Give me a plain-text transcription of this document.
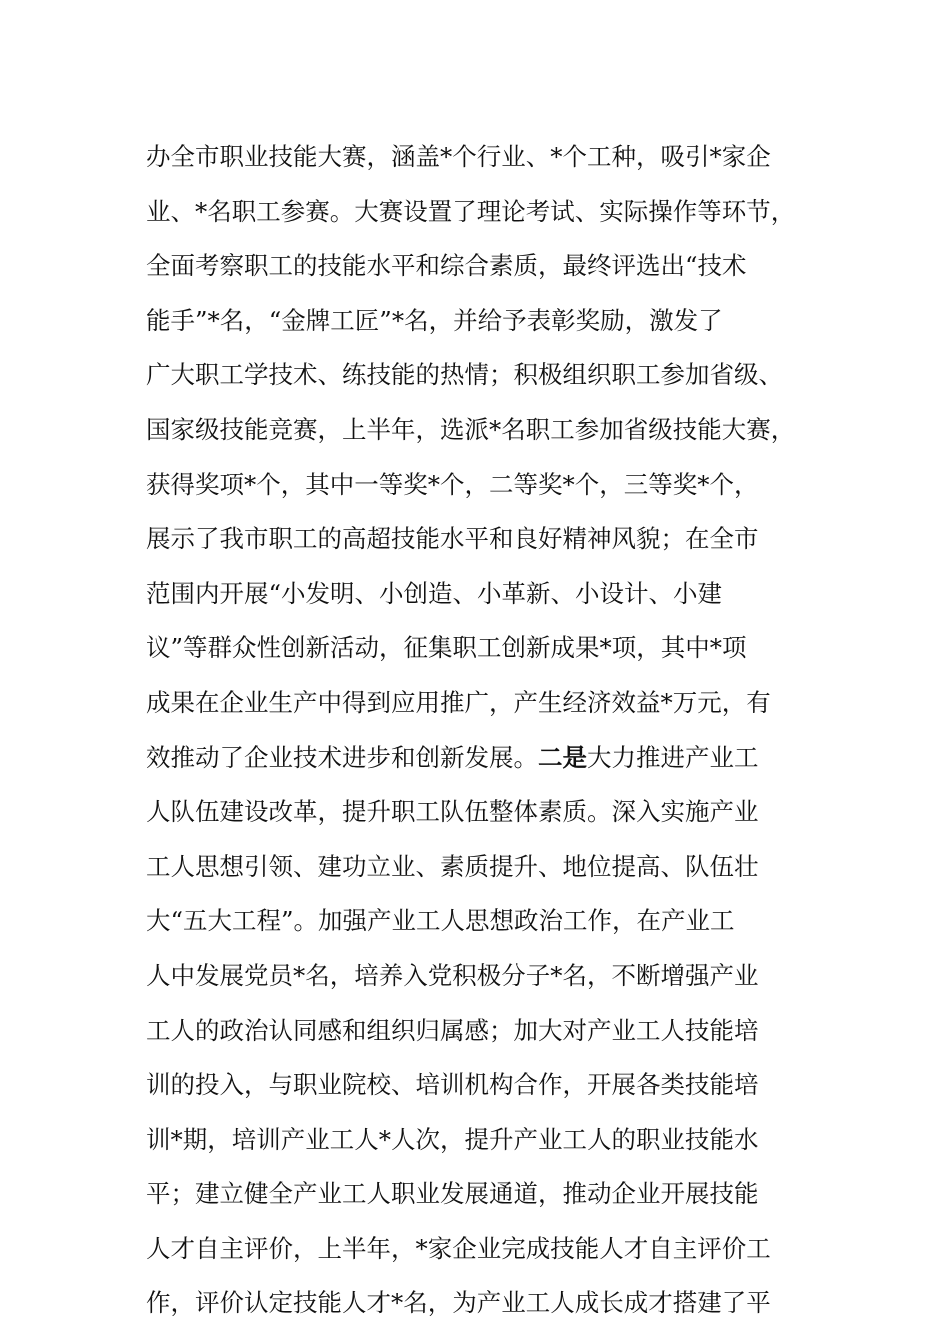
办全市职业技能大赛，涵盖*个行业、*个工种，吸引*家企
业、*名职工参赛。大赛设置了理论考试、实际操作等环节，
全面考察职工的技能水平和综合素质，最终评选出“技术
能手”*名，“金牌工匠”*名，并给予表彰奖励，激发了
广大职工学技术、练技能的热情；积极组织职工参加省级、
国家级技能竞赛，上半年，选派*名职工参加省级技能大赛，
获得奖项*个，其中一等奖*个，二等奖*个，三等奖*个，
展示了我市职工的高超技能水平和良好精神风貌；在全市
范围内开展“小发明、小创造、小革新、小设计、小建
议”等群众性创新活动，征集职工创新成果*项，其中*项
成果在企业生产中得到应用推广，产生经济效益*万元，有
效推动了企业技术进步和创新发展。二是大力推进产业工
人队伍建设改革，提升职工队伍整体素质。深入实施产业
工人思想引领、建功立业、素质提升、地位提高、队伍壮
大“五大工程”。加强产业工人思想政治工作，在产业工
人中发展党员*名，培养入党积极分子*名，不断增强产业
工人的政治认同感和组织归属感；加大对产业工人技能培
训的投入，与职业院校、培训机构合作，开展各类技能培
训*期，培训产业工人*人次，提升产业工人的职业技能水
平；建立健全产业工人职业发展通道，推动企业开展技能
人才自主评价，上半年，*家企业完成技能人才自主评价工
作，评价认定技能人才*名，为产业工人成长成才搭建了平
